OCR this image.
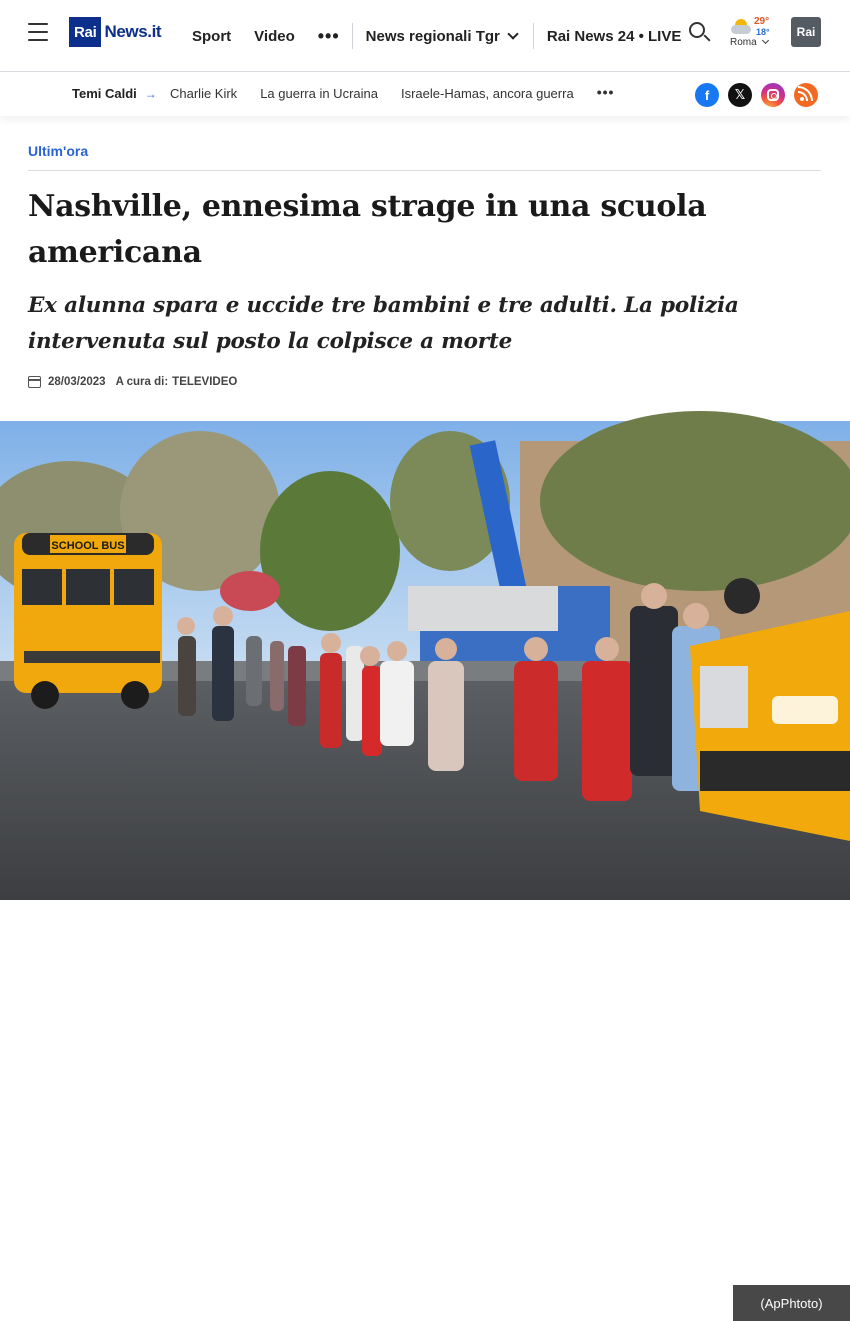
Rai News.it Sport Video ••• News regionali Tgr	Rai News 24 • LIVE
29°
18°
Roma
Rai
Temi Caldi → Charlie Kirk La guerra in Ucraina Israele-Hamas, ancora guerra •••	f	𝕏
Ultim'ora
Nashville, ennesima strage in una scuola americana
Ex alunna spara e uccide tre bambini e tre adulti. La polizia intervenuta sul posto la colpisce a morte
28/03/2023 A cura di: TELEVIDEO
SCHOOL BUS
(ApPhtoto)
